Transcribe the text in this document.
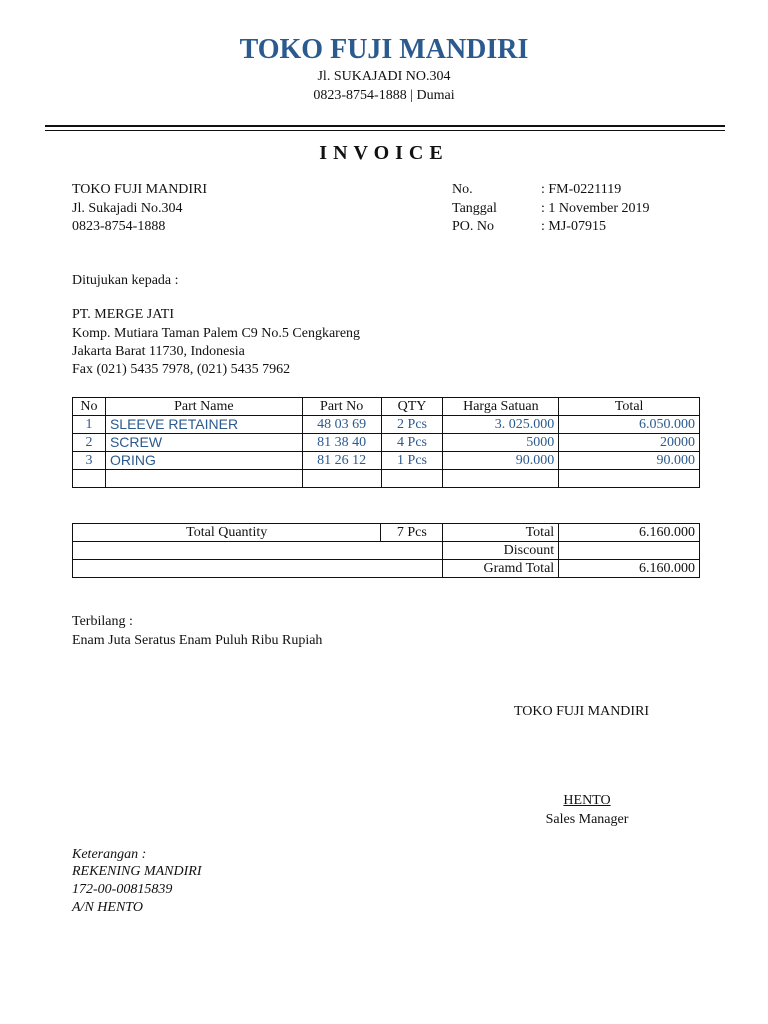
TOKO FUJI MANDIRI
Jl. SUKAJADI NO.304
0823-8754-1888 | Dumai
INVOICE
TOKO FUJI MANDIRI
Jl. Sukajadi No.304
0823-8754-1888
No.	: FM-0221119
Tanggal	: 1 November 2019
PO. No	: MJ-07915
Ditujukan kepada :
PT. MERGE JATI
Komp. Mutiara Taman Palem C9 No.5 Cengkareng
Jakarta Barat 11730, Indonesia
Fax (021) 5435 7978, (021) 5435 7962
No	Part Name	Part No	QTY	Harga Satuan	Total
1	SLEEVE RETAINER	48 03 69	2 Pcs	3. 025.000	6.050.000
2	SCREW	81 38 40	4 Pcs	5000	20000
3	ORING	81 26 12	1 Pcs	90.000	90.000

Total Quantity	7 Pcs	Total	6.160.000
		Discount	
		Gramd Total	6.160.000
Terbilang :
Enam Juta Seratus Enam Puluh Ribu Rupiah
TOKO FUJI MANDIRI
HENTO
Sales Manager
Keterangan :
REKENING MANDIRI
172-00-00815839
A/N HENTO
